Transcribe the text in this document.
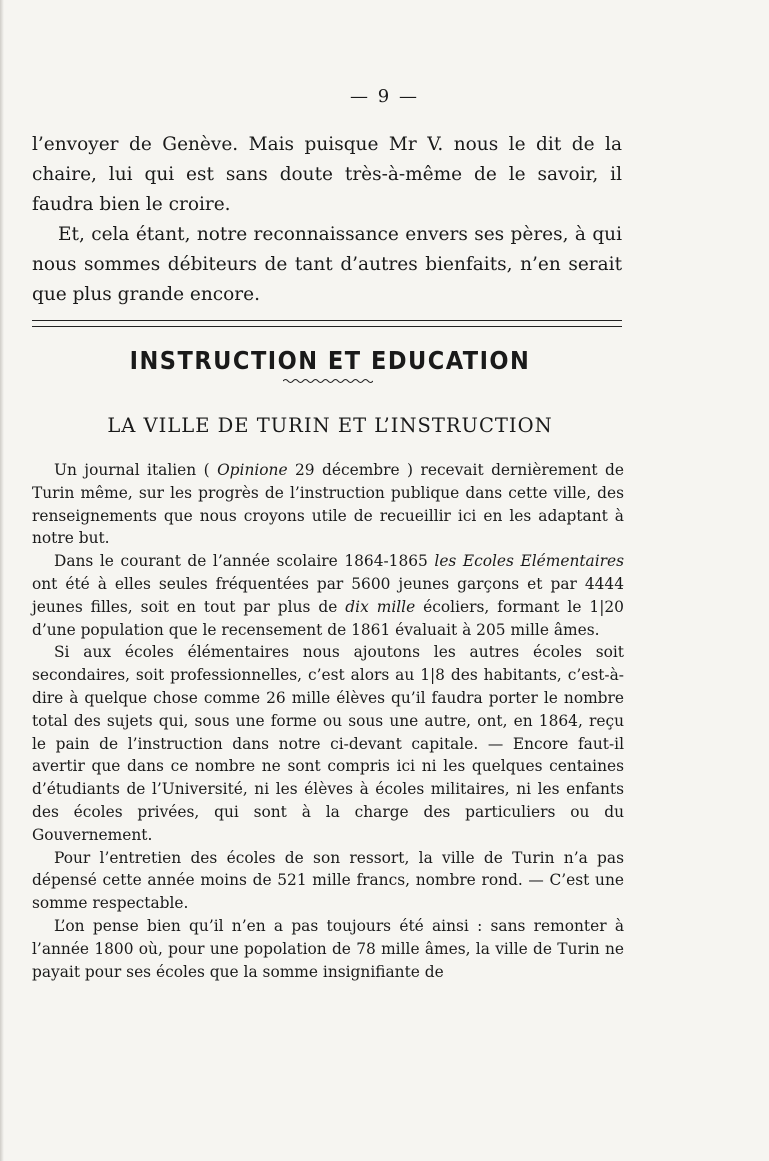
— 9 —

l’envoyer de Genève. Mais puisque Mr V. nous le dit de la chaire, lui qui est sans doute très-à-même de le savoir, il faudra bien le croire.

Et, cela étant, notre reconnaissance envers ses pères, à qui nous sommes débiteurs de tant d’autres bienfaits, n’en serait que plus grande encore.

INSTRUCTION ET EDUCATION
LA VILLE DE TURIN ET L’INSTRUCTION

Un journal italien ( Opinione 29 décembre ) recevait dernièrement de Turin même, sur les progrès de l’instruction publique dans cette ville, des renseignements que nous croyons utile de recueillir ici en les adaptant à notre but.

Dans le courant de l’année scolaire 1864-1865 les Ecoles Elémentaires ont été à elles seules fréquentées par 5600 jeunes garçons et par 4444 jeunes filles, soit en tout par plus de dix mille écoliers, formant le 1|20 d’une population que le recensement de 1861 évaluait à 205 mille âmes.

Si aux écoles élémentaires nous ajoutons les autres écoles soit secondaires, soit professionnelles, c’est alors au 1|8 des habitants, c’est-à-dire à quelque chose comme 26 mille élèves qu’il faudra porter le nombre total des sujets qui, sous une forme ou sous une autre, ont, en 1864, reçu le pain de l’instruction dans notre ci-devant capitale. — Encore faut-il avertir que dans ce nombre ne sont compris ici ni les quelques centaines d’étudiants de l’Université, ni les élèves à écoles militaires, ni les enfants des écoles privées, qui sont à la charge des particuliers ou du Gouvernement.

Pour l’entretien des écoles de son ressort, la ville de Turin n’a pas dépensé cette année moins de 521 mille francs, nombre rond. — C’est une somme respectable.

L’on pense bien qu’il n’en a pas toujours été ainsi : sans remonter à l’année 1800 où, pour une popolation de 78 mille âmes, la ville de Turin ne payait pour ses écoles que la somme insignifiante de
